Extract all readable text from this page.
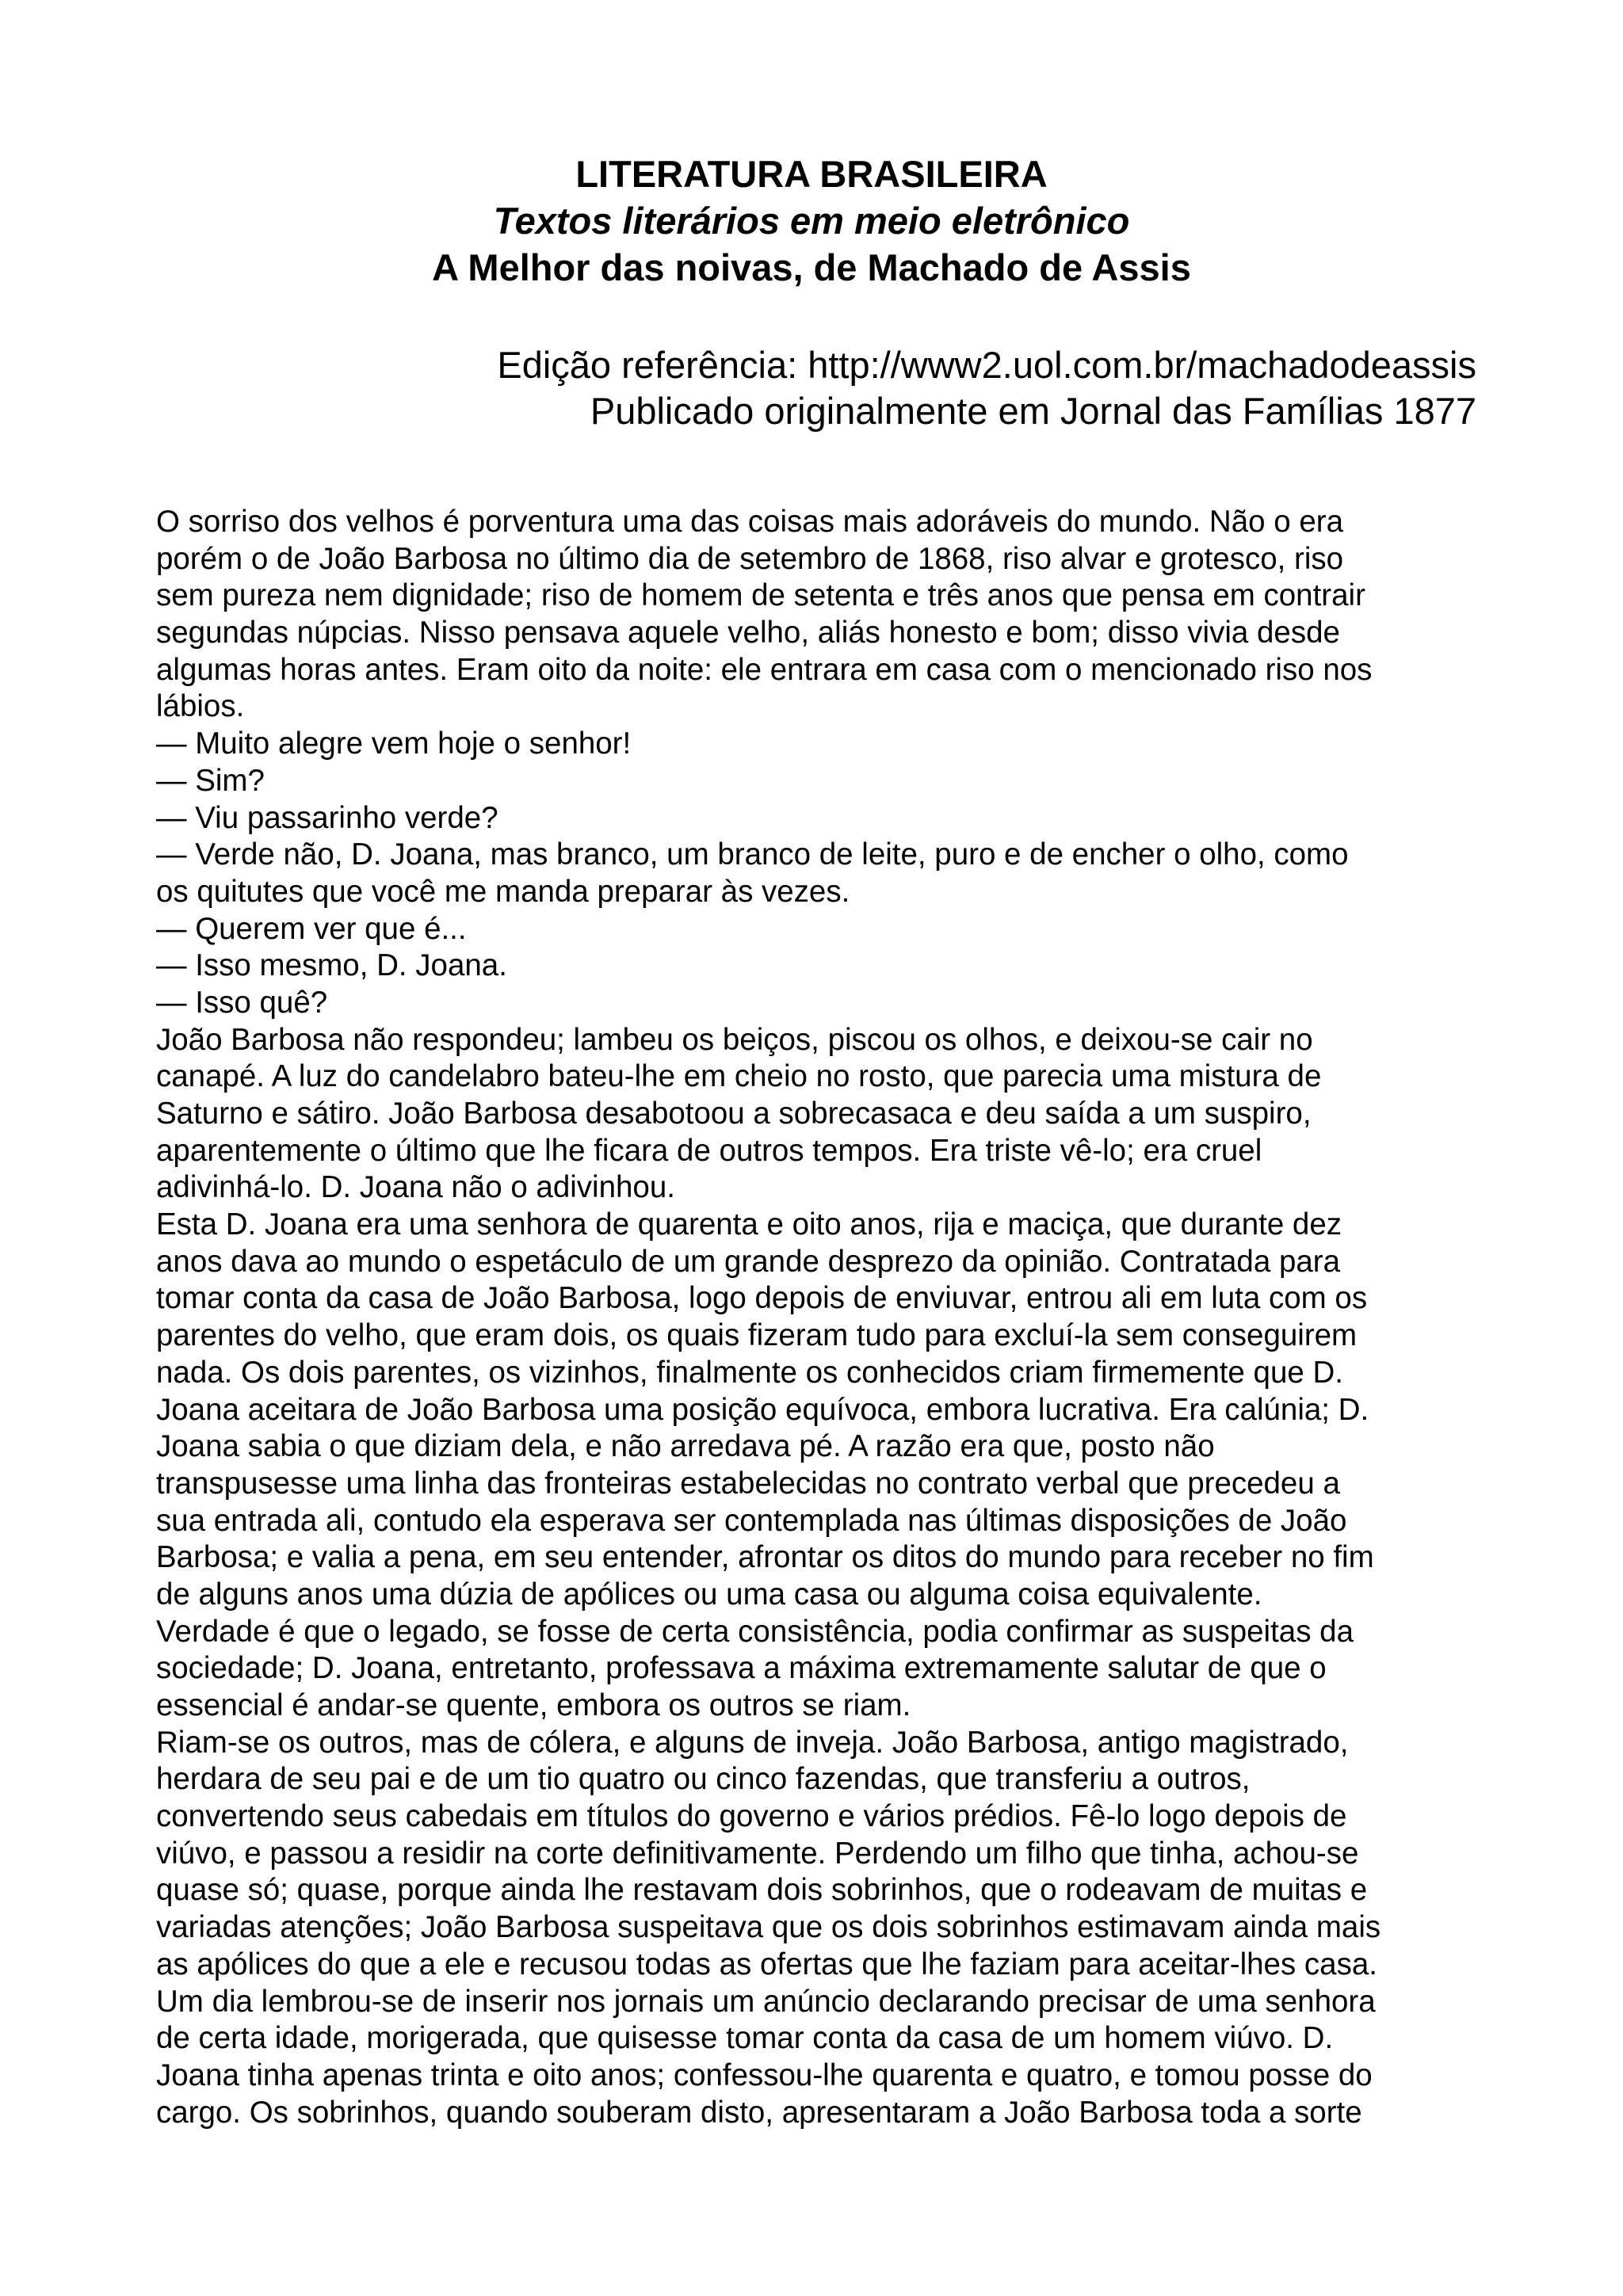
LITERATURA BRASILEIRA
Textos literários em meio eletrônico
A Melhor das noivas, de Machado de Assis
Edição referência: http://www2.uol.com.br/machadodeassis
Publicado originalmente em Jornal das Famílias 1877
O sorriso dos velhos é porventura uma das coisas mais adoráveis do mundo. Não o era
porém o de João Barbosa no último dia de setembro de 1868, riso alvar e grotesco, riso
sem pureza nem dignidade; riso de homem de setenta e três anos que pensa em contrair
segundas núpcias. Nisso pensava aquele velho, aliás honesto e bom; disso vivia desde
algumas horas antes. Eram oito da noite: ele entrara em casa com o mencionado riso nos
lábios.
— Muito alegre vem hoje o senhor!
— Sim?
— Viu passarinho verde?
— Verde não, D. Joana, mas branco, um branco de leite, puro e de encher o olho, como
os quitutes que você me manda preparar às vezes.
— Querem ver que é...
— Isso mesmo, D. Joana.
— Isso quê?
João Barbosa não respondeu; lambeu os beiços, piscou os olhos, e deixou-se cair no
canapé. A luz do candelabro bateu-lhe em cheio no rosto, que parecia uma mistura de
Saturno e sátiro. João Barbosa desabotoou a sobrecasaca e deu saída a um suspiro,
aparentemente o último que lhe ficara de outros tempos. Era triste vê-lo; era cruel
adivinhá-lo. D. Joana não o adivinhou.
Esta D. Joana era uma senhora de quarenta e oito anos, rija e maciça, que durante dez
anos dava ao mundo o espetáculo de um grande desprezo da opinião. Contratada para
tomar conta da casa de João Barbosa, logo depois de enviuvar, entrou ali em luta com os
parentes do velho, que eram dois, os quais fizeram tudo para excluí-la sem conseguirem
nada. Os dois parentes, os vizinhos, finalmente os conhecidos criam firmemente que D.
Joana aceitara de João Barbosa uma posição equívoca, embora lucrativa. Era calúnia; D.
Joana sabia o que diziam dela, e não arredava pé. A razão era que, posto não
transpusesse uma linha das fronteiras estabelecidas no contrato verbal que precedeu a
sua entrada ali, contudo ela esperava ser contemplada nas últimas disposições de João
Barbosa; e valia a pena, em seu entender, afrontar os ditos do mundo para receber no fim
de alguns anos uma dúzia de apólices ou uma casa ou alguma coisa equivalente.
Verdade é que o legado, se fosse de certa consistência, podia confirmar as suspeitas da
sociedade; D. Joana, entretanto, professava a máxima extremamente salutar de que o
essencial é andar-se quente, embora os outros se riam.
Riam-se os outros, mas de cólera, e alguns de inveja. João Barbosa, antigo magistrado,
herdara de seu pai e de um tio quatro ou cinco fazendas, que transferiu a outros,
convertendo seus cabedais em títulos do governo e vários prédios. Fê-lo logo depois de
viúvo, e passou a residir na corte definitivamente. Perdendo um filho que tinha, achou-se
quase só; quase, porque ainda lhe restavam dois sobrinhos, que o rodeavam de muitas e
variadas atenções; João Barbosa suspeitava que os dois sobrinhos estimavam ainda mais
as apólices do que a ele e recusou todas as ofertas que lhe faziam para aceitar-lhes casa.
Um dia lembrou-se de inserir nos jornais um anúncio declarando precisar de uma senhora
de certa idade, morigerada, que quisesse tomar conta da casa de um homem viúvo. D.
Joana tinha apenas trinta e oito anos; confessou-lhe quarenta e quatro, e tomou posse do
cargo. Os sobrinhos, quando souberam disto, apresentaram a João Barbosa toda a sorte
